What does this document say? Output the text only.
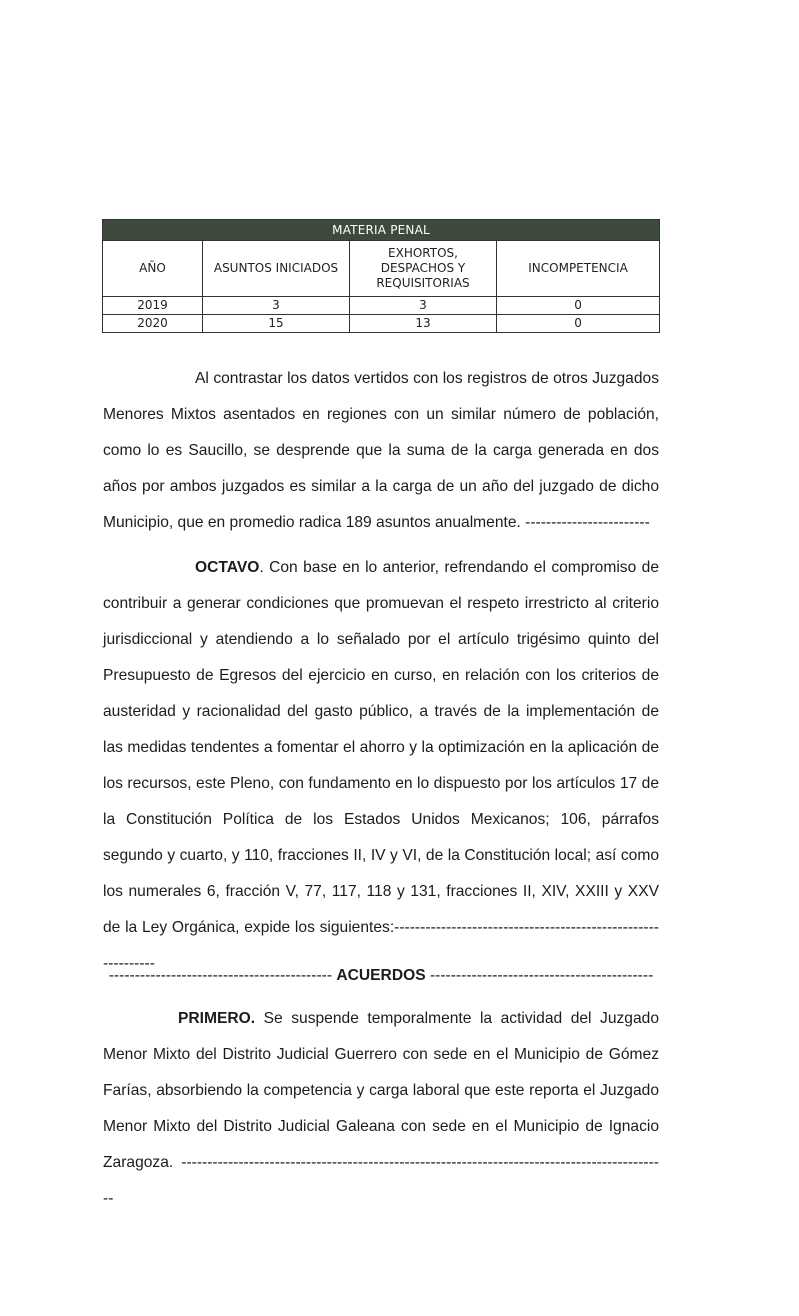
MATERIA PENAL			
AÑO	ASUNTOS INICIADOS	EXHORTOS, DESPACHOS Y REQUISITORIAS	INCOMPETENCIA
2019	3	3	0
2020	15	13	0

Al contrastar los datos vertidos con los registros de otros Juzgados Menores Mixtos asentados en regiones con un similar número de población, como lo es Saucillo, se desprende que la suma de la carga generada en dos años por ambos juzgados es similar a la carga de un año del juzgado de dicho Municipio, que en promedio radica 189 asuntos anualmente. ------------------------

OCTAVO. Con base en lo anterior, refrendando el compromiso de contribuir a generar condiciones que promuevan el respeto irrestricto al criterio jurisdiccional y atendiendo a lo señalado por el artículo trigésimo quinto del Presupuesto de Egresos del ejercicio en curso, en relación con los criterios de austeridad y racionalidad del gasto público, a través de la implementación de las medidas tendentes a fomentar el ahorro y la optimización en la aplicación de los recursos, este Pleno, con fundamento en lo dispuesto por los artículos 17 de la Constitución Política de los Estados Unidos Mexicanos; 106, párrafos segundo y cuarto, y 110, fracciones II, IV y VI, de la Constitución local; así como los numerales 6, fracción V, 77, 117, 118 y 131, fracciones II, XIV, XXIII y XXV de la Ley Orgánica, expide los siguientes:-------------------------------------------------------------

------------------------------------------- ACUERDOS -------------------------------------------

PRIMERO. Se suspende temporalmente la actividad del Juzgado Menor Mixto del Distrito Judicial Guerrero con sede en el Municipio de Gómez Farías, absorbiendo la competencia y carga laboral que este reporta el Juzgado Menor Mixto del Distrito Judicial Galeana con sede en el Municipio de Ignacio Zaragoza. ----------------------------------------------------------------------------------------------
